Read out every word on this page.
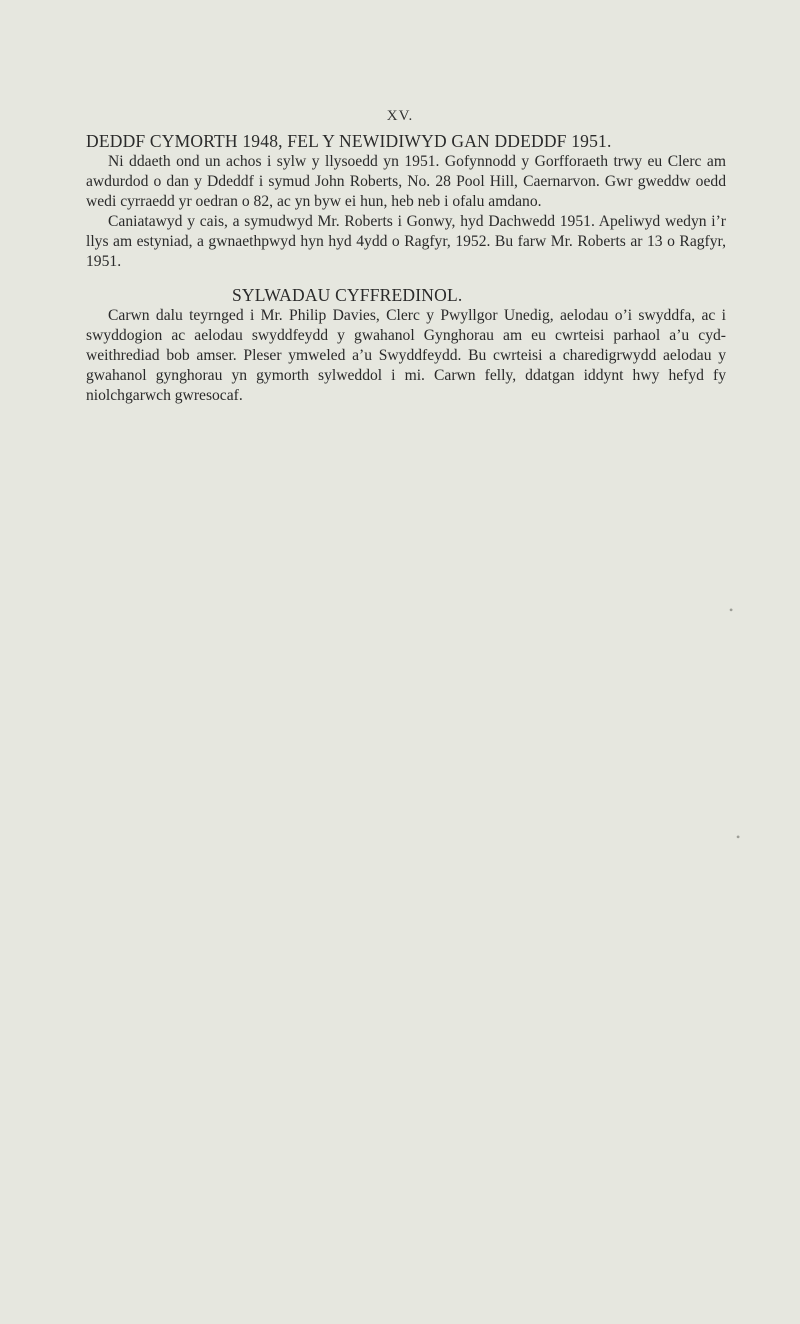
XV.
•
•
DEDDF CYMORTH 1948, FEL Y NEWIDIWYD GAN DDEDDF 1951.

Ni ddaeth ond un achos i sylw y llysoedd yn 1951. Gofynnodd y Gorfforaeth trwy eu Clerc am awdurdod o dan y Ddeddf i symud John Roberts, No. 28 Pool Hill, Caernarvon. Gwr gweddw oedd wedi cyrraedd yr oedran o 82, ac yn byw ei hun, heb neb i ofalu amdano.

Caniatawyd y cais, a symudwyd Mr. Roberts i Gonwy, hyd Dachwedd 1951. Apeliwyd wedyn i’r llys am estyniad, a gwnaethpwyd hyn hyd 4ydd o Ragfyr, 1952. Bu farw Mr. Roberts ar 13 o Ragfyr, 1951.

SYLWADAU CYFFREDINOL.

Carwn dalu teyrnged i Mr. Philip Davies, Clerc y Pwyllgor Unedig, aelodau o’i swyddfa, ac i swyddogion ac aelodau swyddfeydd y gwahanol Gynghorau am eu cwrteisi parhaol a’u cyd-weithrediad bob amser. Pleser ymweled a’u Swyddfeydd. Bu cwrteisi a charedigrwydd aelodau y gwahanol gynghorau yn gymorth sylweddol i mi. Carwn felly, ddatgan iddynt hwy hefyd fy niolchgarwch gwresocaf.
